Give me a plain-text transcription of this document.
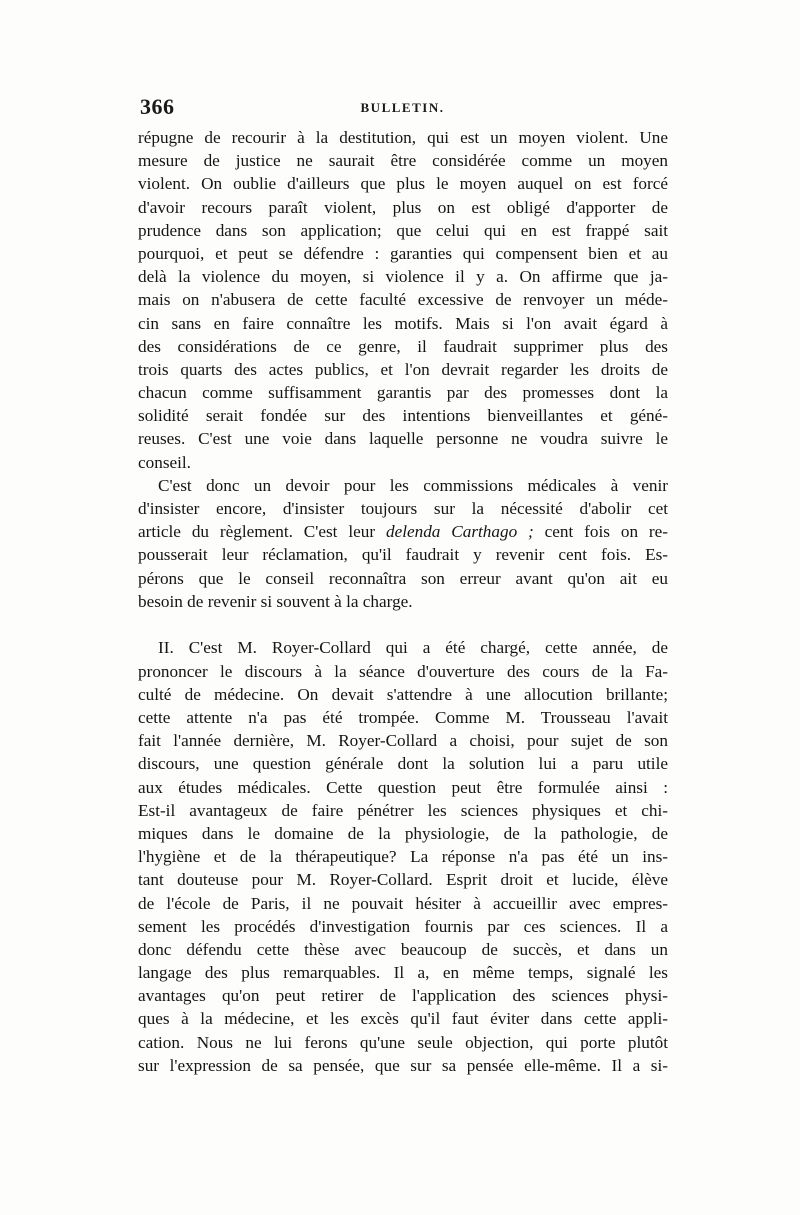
366	BULLETIN.
répugne de recourir à la destitution, qui est un moyen violent. Une
mesure de justice ne saurait être considérée comme un moyen
violent. On oublie d'ailleurs que plus le moyen auquel on est forcé
d'avoir recours paraît violent, plus on est obligé d'apporter de
prudence dans son application; que celui qui en est frappé sait
pourquoi, et peut se défendre : garanties qui compensent bien et au
delà la violence du moyen, si violence il y a. On affirme que ja-
mais on n'abusera de cette faculté excessive de renvoyer un méde-
cin sans en faire connaître les motifs. Mais si l'on avait égard à
des considérations de ce genre, il faudrait supprimer plus des
trois quarts des actes publics, et l'on devrait regarder les droits de
chacun comme suffisamment garantis par des promesses dont la
solidité serait fondée sur des intentions bienveillantes et géné-
reuses. C'est une voie dans laquelle personne ne voudra suivre le
conseil.
C'est donc un devoir pour les commissions médicales à venir
d'insister encore, d'insister toujours sur la nécessité d'abolir cet
article du règlement. C'est leur delenda Carthago ; cent fois on re-
pousserait leur réclamation, qu'il faudrait y revenir cent fois. Es-
pérons que le conseil reconnaîtra son erreur avant qu'on ait eu
besoin de revenir si souvent à la charge.
II. C'est M. Royer-Collard qui a été chargé, cette année, de
prononcer le discours à la séance d'ouverture des cours de la Fa-
culté de médecine. On devait s'attendre à une allocution brillante;
cette attente n'a pas été trompée. Comme M. Trousseau l'avait
fait l'année dernière, M. Royer-Collard a choisi, pour sujet de son
discours, une question générale dont la solution lui a paru utile
aux études médicales. Cette question peut être formulée ainsi :
Est-il avantageux de faire pénétrer les sciences physiques et chi-
miques dans le domaine de la physiologie, de la pathologie, de
l'hygiène et de la thérapeutique? La réponse n'a pas été un ins-
tant douteuse pour M. Royer-Collard. Esprit droit et lucide, élève
de l'école de Paris, il ne pouvait hésiter à accueillir avec empres-
sement les procédés d'investigation fournis par ces sciences. Il a
donc défendu cette thèse avec beaucoup de succès, et dans un
langage des plus remarquables. Il a, en même temps, signalé les
avantages qu'on peut retirer de l'application des sciences physi-
ques à la médecine, et les excès qu'il faut éviter dans cette appli-
cation. Nous ne lui ferons qu'une seule objection, qui porte plutôt
sur l'expression de sa pensée, que sur sa pensée elle-même. Il a si-
